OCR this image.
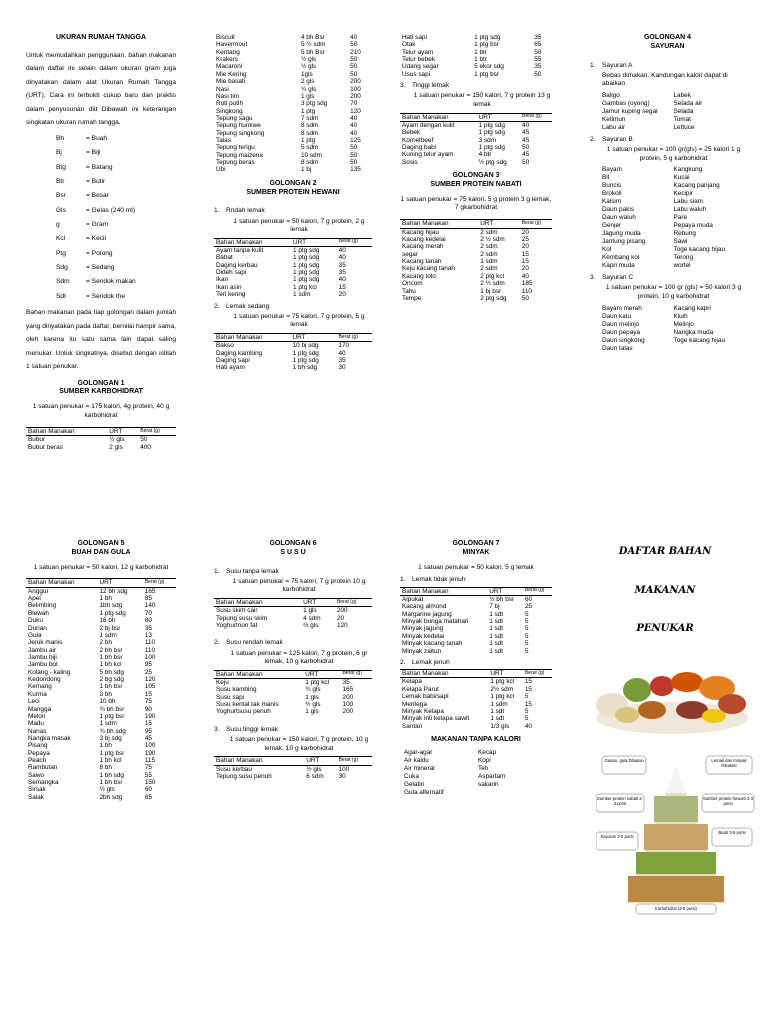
UKURAN RUMAH TANGGA

Untuk memudahkan penggunaan, bahan makanan dalam daftar ini selain dalam ukuran gram juga dinyatakan dalam alat Ukuran Rumah Tangga (URT). Cara ini terbukti cukup baru dan praktis dalam penyusunan diit Dibawah ini keterangan singkatan ukuran rumah tangga.

Bh	= Buah
Bj	= Biji
Btg	= Batang
Btr	= Butir
Bsr	= Besar
Gls	= Gelas (240 ml)
g	= Gram
Kcl	= Kecil
Ptg	= Potong
Sdg	= Sedang
Sdm	= Sendok makan
Sdt	= Sendok the

Bahan makanan pada tiap golongan dalam jumlah yang dinyatakan pada daftar, bernilai hampir sama, oleh karena itu satu sama lain dapat saling menukar. Untuk singkatnya, disebut dengan istilah 1 satuan penukar.

GOLONGAN 1

SUMBER KARBOHIDRAT

1 satuan penukar = 175 kalori, 4g protein, 40 g karbohidrat

Bahan Manakan	URT	Berat (g)
Bubur	½ gls	50
Bubur beras	2 gls	400
Biscuit	4 bh Bsr	40
Havermout	5 ½ sdm	50
Kentang	5 bh Bsr	210
Krakers	½ gls	50
Macaroni	½ gls	50
Mie Kering	1gls	50
Mie basah	2 gls	200
Nasi	¾ gls	100
Nasi tim	1 gls	200
Roti putih	3 ptg sdg	70
Singkong	1 ptg	120
Tepung sagu	7 sdm	40
Tepung hunkwe	8 sdm	40
Tepung singkong	8 sdm	40
Talas	1 ptg	125
Tepung terigu	5 sdm	50
Tepung maizena	10 sdm	50
Tepung beras	8 sdm	50
Ubi	1 bj	135

GOLONGAN 2

SUMBER PROTEIN HEWANI

1. Rndah lemak

1 satuan penukar = 50 kalori, 7 g protein, 2 g lemak

Bahan Manakan	URT	Berat (g)
Ayam tanpa kulit	1 ptg sdg	40
Babat	1 ptg sdg	40
Daging kerbau	1 ptg sdg	35
Dideh sapi	1 ptg sdg	35
Ikan	1 ptg sdg	40
Ikan asin	1 ptg kcl	15
Teri kering	1 sdm	20
2. Lemak sedang

1 satuan penukar = 75 kalori, 7 g protein, 5 g lemak

Bahan Manakan	URT	Berat (g)
Bakso	10 bj sdg	170
Daging kambing	1 ptg sdg	40
Daging sapi	1 ptg sdg	35
Hati ayam	1 bh sdg	30
Hati sapi	1 ptg sdg	35
Otak	1 ptg bsr	65
Telur ayam	1 btr	50
Telur bebek	1 btr	55
Udang segar	5 ekor sdg	35
Usus sapi	1 ptg bsr	50
3. Tinggi lemak

1 satuan penukar = 150 kalori, 7 g protein 13 g lemak

Bahan Manakan	URT	Berat (g)
Ayam dengan kulit	1 ptg sdg	40
Bebek	1 ptg sdg	45
Kornetbeef	3 sdm	45
Daging babi	1 ptg sdg	50
Kuning telur ayam	4 btr	45
Sosis	½ ptg sdg	50

GOLONGAN 3

SUMBER PROTEIN NABATI

1 satuan penukar = 75 kalori, 5 g protein 3 g lemak, 7 gkarbohidrat

Bahan Manakan	URT	Berat (g)
Kacang hijau	2 sdm	20
Kacang kedelai	2 ½ sdm	25
Kacang merah	2 sdm	20
segar	2 sdm	15
Kacang tanah	1 sdm	15
Keju kacang tanah	2 sdm	20
Kacang tolo	2 ptg kcl	40
Oncom	2 ½ sdm	185
Tahu	1 bj bsr	110
Tempe	2 ptg sdg	50

GOLONGAN 4

SAYURAN

1. Sayuran A

Bebas dimakan. Kandungan kalori dapat di abaikan

Baligo	Labek
Gambas (oyong)	Selada air
Jamur kuping segar	Selada
Ketimun	Tomat
Labu air	Lettuce
2. Sayuran B

1 satuan penukar = 100 gr(gls) = 25 kalori 1 g protein, 5 g karbohidrat

Bayam	Kangkung
Bit	Kucai
Buncis	Kacang panjang
Brokoli	Kecipir
Kalsim	Labu siam
Daun pakis	Labu waluh
Daun waluh	Pare
Genjer	Pepaya muda
Jagung muda	Rebung
Jantung pisang	Sawi
Kol	Toge kacang hijau
Kembang kol	Terong
Kapri muda	wortel
3. Sayuran C

1 satuan penukar = 100 gr (gls) = 50 kalori 3 g protein, 10 g karbohidrat

Bayam merah	Kacang kapri
Daun katu	Kluih
Daun melinjo	Melinjo
Daun pepaya	Nangka muda
Daun singkong	Toge kacang hijau
Daun talas

GOLONGAN 5

BUAH DAN GULA

1 satuan penukar = 50 kalori, 12 g karbohidrat

Bahan Manakan	URT	Berat (g)
Anggur	12 bh sdg	165
Apel	1 bh	85
Belimbing	1bh sdg	140
Blewah	1 ptg sdg	70
Duku	16 bh	80
Durian	2 bj bsr	35
Gula	1 sdm	13
Jeruk manis	2 bh	110
Jambu air	2 bh bsr	110
Jambu biji	1 bh bsr	100
Jambu bol	1 bh kcl	95
Kolang - kaling	5 bh sdg	25
Kedondong	2 bg sdg	120
Kemang	1 bh bsr	105
Kurma	3 bh	15
Leci	10 bh	75
Mangga	¾ bh bsr	90
Melon	1 ptg bsr	190
Madu	1 sdm	15
Nanas	¾ bh sdg	95
Nangka masak	3 bj sdg	45
Pisang	1 bh	100
Pepaya	1 ptg bsr	190
Peach	1 bh kcl	115
Rambutan	8 bh	75
Sawo	1 bh sdg	55
Semangka	1 bh bsr	150
Sirsak	½ gls	60
Salak	2bh sdg	65

GOLONGAN 6

S U S U

1. Susu tanpa lemak

1 satuan penukar = 75 kalori, 7 g protein 10 g karbohidrat

Bahan Manakan	URT	Berat (g)
Susu skim cair	1 gls	200
Tepung susu skim	4 sdm	20
Yoghurtnon fat	⅔ gls	120
2. Susu rendah lemak

1 satuan penukar = 125 kalori, 7 g protein, 6 gr lemak, 10 g karbohidrat

Bahan Manakan	URT	Berat (g)
Keju	1 ptg kcl	35
Susu kambing	¾ gls	165
Susu sapi	1 gls	200
Susu kental tak manis	½ gls	100
Yoghurtsusu penuh	1 gls	200
3. Susu tinggi lemak

1 satuan penukar = 150 kalori, 7 g protein, 10 g lemak, 10 g karbohidrat

Bahan Manakan	URT	Berat (g)
Susu kerbau	½ gls	100
Tepung susu penuh	6 sdm	30

GOLONGAN 7

MINYAK

1 satuan penukar = 50 kalori, 5 g lemak

1. Lemak tidak jenuh
Bahan Manakan	URT	Berat (g)
Alpukat	½ bh bsr	60
Kacang almond	7 bj	25
Margarine jagung	1 sdt	5
Minyak bunga matahari	1 sdt	5
Minyak jagung	1 sdt	5
Minyak kedelai	1 sdt	5
Minyak kacang tanah	1 sdt	5
Minyak zaitun	1 sdt	5
2. Lemak jenuh
Bahan Manakan	URT	Berat (g)
Kelapa	1 ptg kcl	15
Kelapa Parut	2½ sdm	15
Lemak babi/sapi	1 ptg kcl	5
Mentega	1 sdm	15
Minyak Kelapa	1 sdt	5
Minyak inti kelapa sawit	1 sdt	5
Santan	1/3 gls	40

MAKANAN TANPA KALORI

Agar-agar	Kecap
Air kaldu	Kopi
Air mineral	Teh
Cuka	Aspartam
Gelatin	sakarin
Gula alternatif
DAFTAR BAHAN
MAKANAN
PENUKAR
Garam, gula Dibatasi	Lemak dan minyak Dibatasi
Sumber protein nabati 2-3 porsi
Sumber protein hewani 2-3 porsi
Sayuran 3-5 porsi
Buah 2-5 porsi
Karbohidrat (3-8 porsi)
